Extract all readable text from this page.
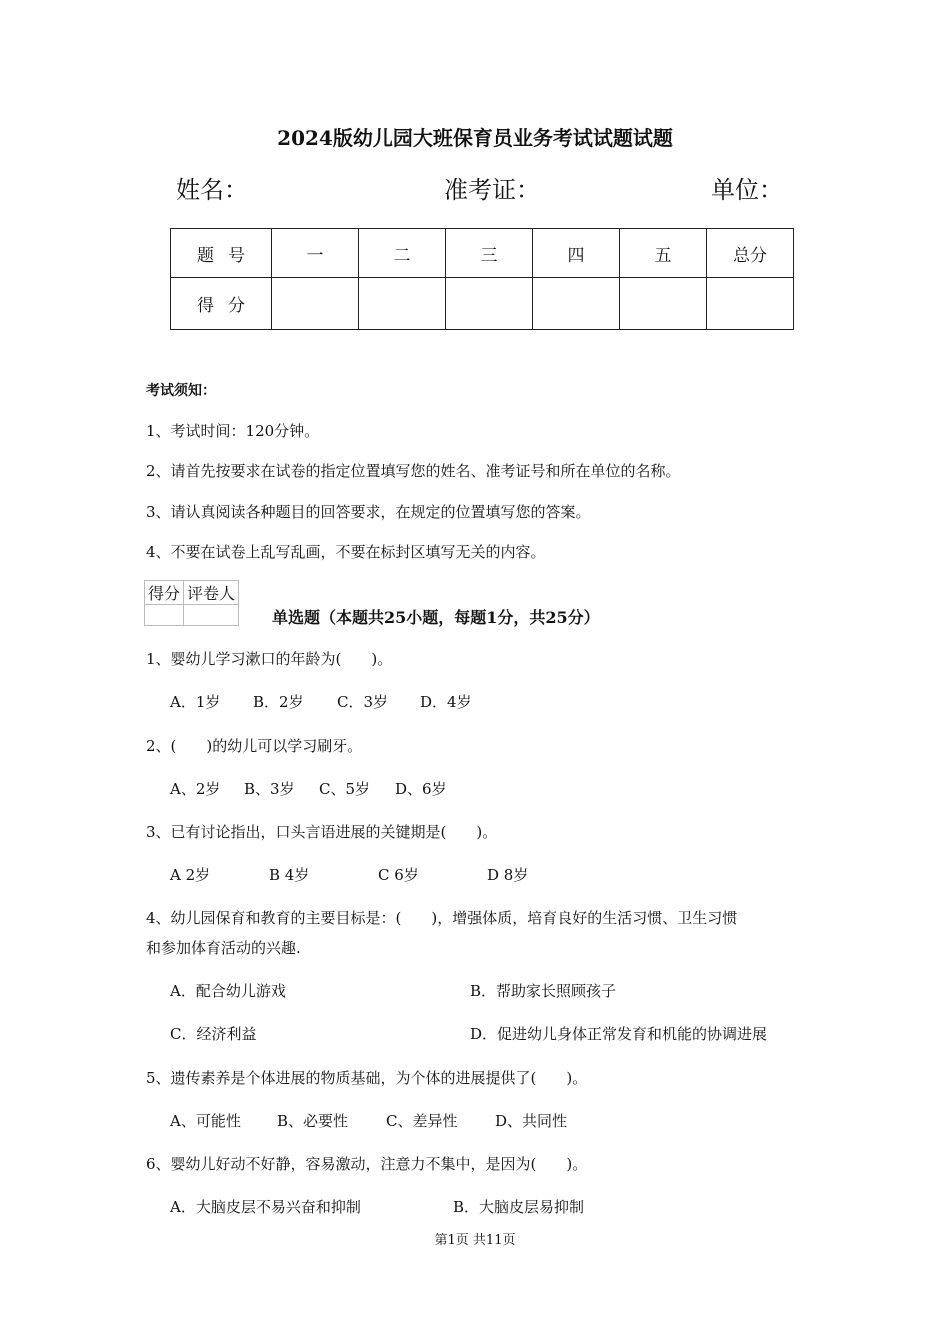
2024版幼儿园大班保育员业务考试试题试题
姓名：	准考证：	单位：
题号	一	二	三	四	五	总分
得分						
考试须知：
1、考试时间：120分钟。
2、请首先按要求在试卷的指定位置填写您的姓名、准考证号和所在单位的名称。
3、请认真阅读各种题目的回答要求，在规定的位置填写您的答案。
4、不要在试卷上乱写乱画，不要在标封区填写无关的内容。
得分	评卷人

单选题（本题共25小题，每题1分，共25分）
1、婴幼儿学习漱口的年龄为(　　)。
A．1岁 B．2岁 C．3岁 D．4岁
2、(　　)的幼儿可以学习刷牙。
A、2岁 B、3岁 C、5岁 D、6岁
3、已有讨论指出，口头言语进展的关键期是(　　)。
A 2岁	B 4岁	C 6岁	D 8岁
4、幼儿园保育和教育的主要目标是：(　　)，增强体质，培育良好的生活习惯、卫生习惯
和参加体育活动的兴趣.
A．配合幼儿游戏	B．帮助家长照顾孩子
C．经济利益	D．促进幼儿身体正常发育和机能的协调进展
5、遗传素养是个体进展的物质基础，为个体的进展提供了(　　)。
A、可能性 B、必要性	C、差异性	D、共同性
6、婴幼儿好动不好静，容易激动，注意力不集中，是因为(　　)。
A．大脑皮层不易兴奋和抑制	B．大脑皮层易抑制
第1页 共11页
